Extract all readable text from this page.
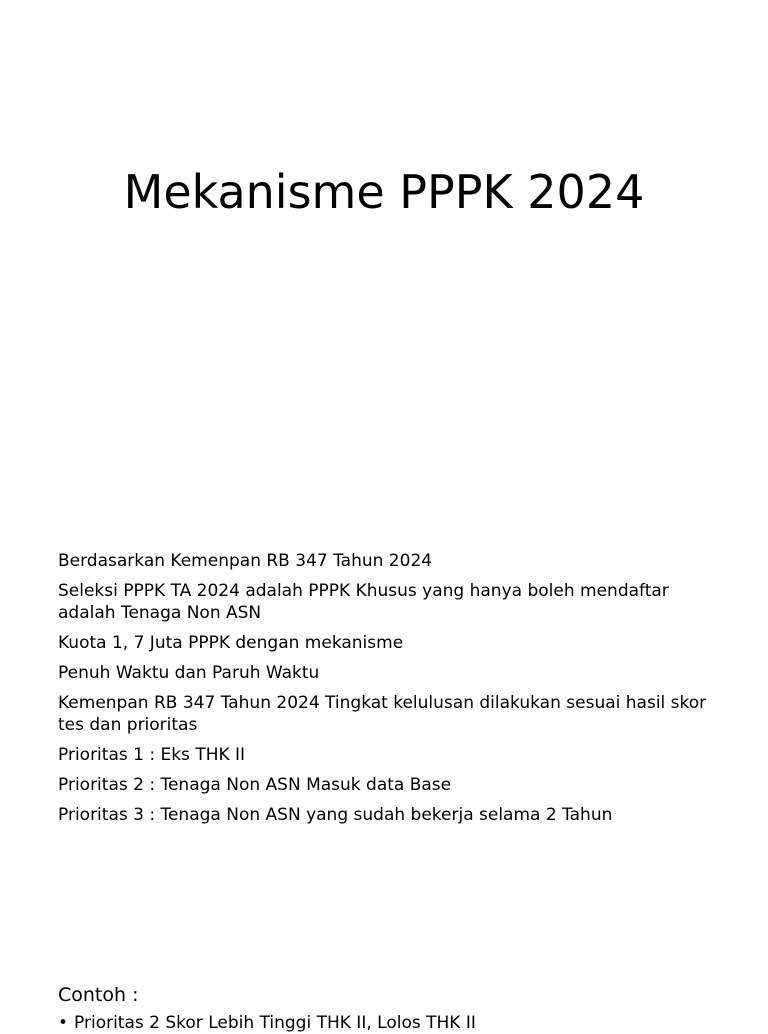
Mekanisme PPPK 2024
Berdasarkan Kemenpan RB 347 Tahun 2024
Seleksi PPPK TA 2024 adalah PPPK Khusus yang hanya boleh mendaftar adalah Tenaga Non ASN
Kuota 1, 7 Juta PPPK dengan mekanisme
Penuh Waktu dan Paruh Waktu
Kemenpan RB 347 Tahun 2024 Tingkat kelulusan dilakukan sesuai hasil skor tes dan prioritas
Prioritas 1 : Eks THK II
Prioritas 2 : Tenaga Non ASN Masuk data Base
Prioritas 3 : Tenaga Non ASN yang sudah bekerja selama 2 Tahun

Contoh :

• Prioritas 2 Skor Lebih Tinggi THK II, Lolos THK II
